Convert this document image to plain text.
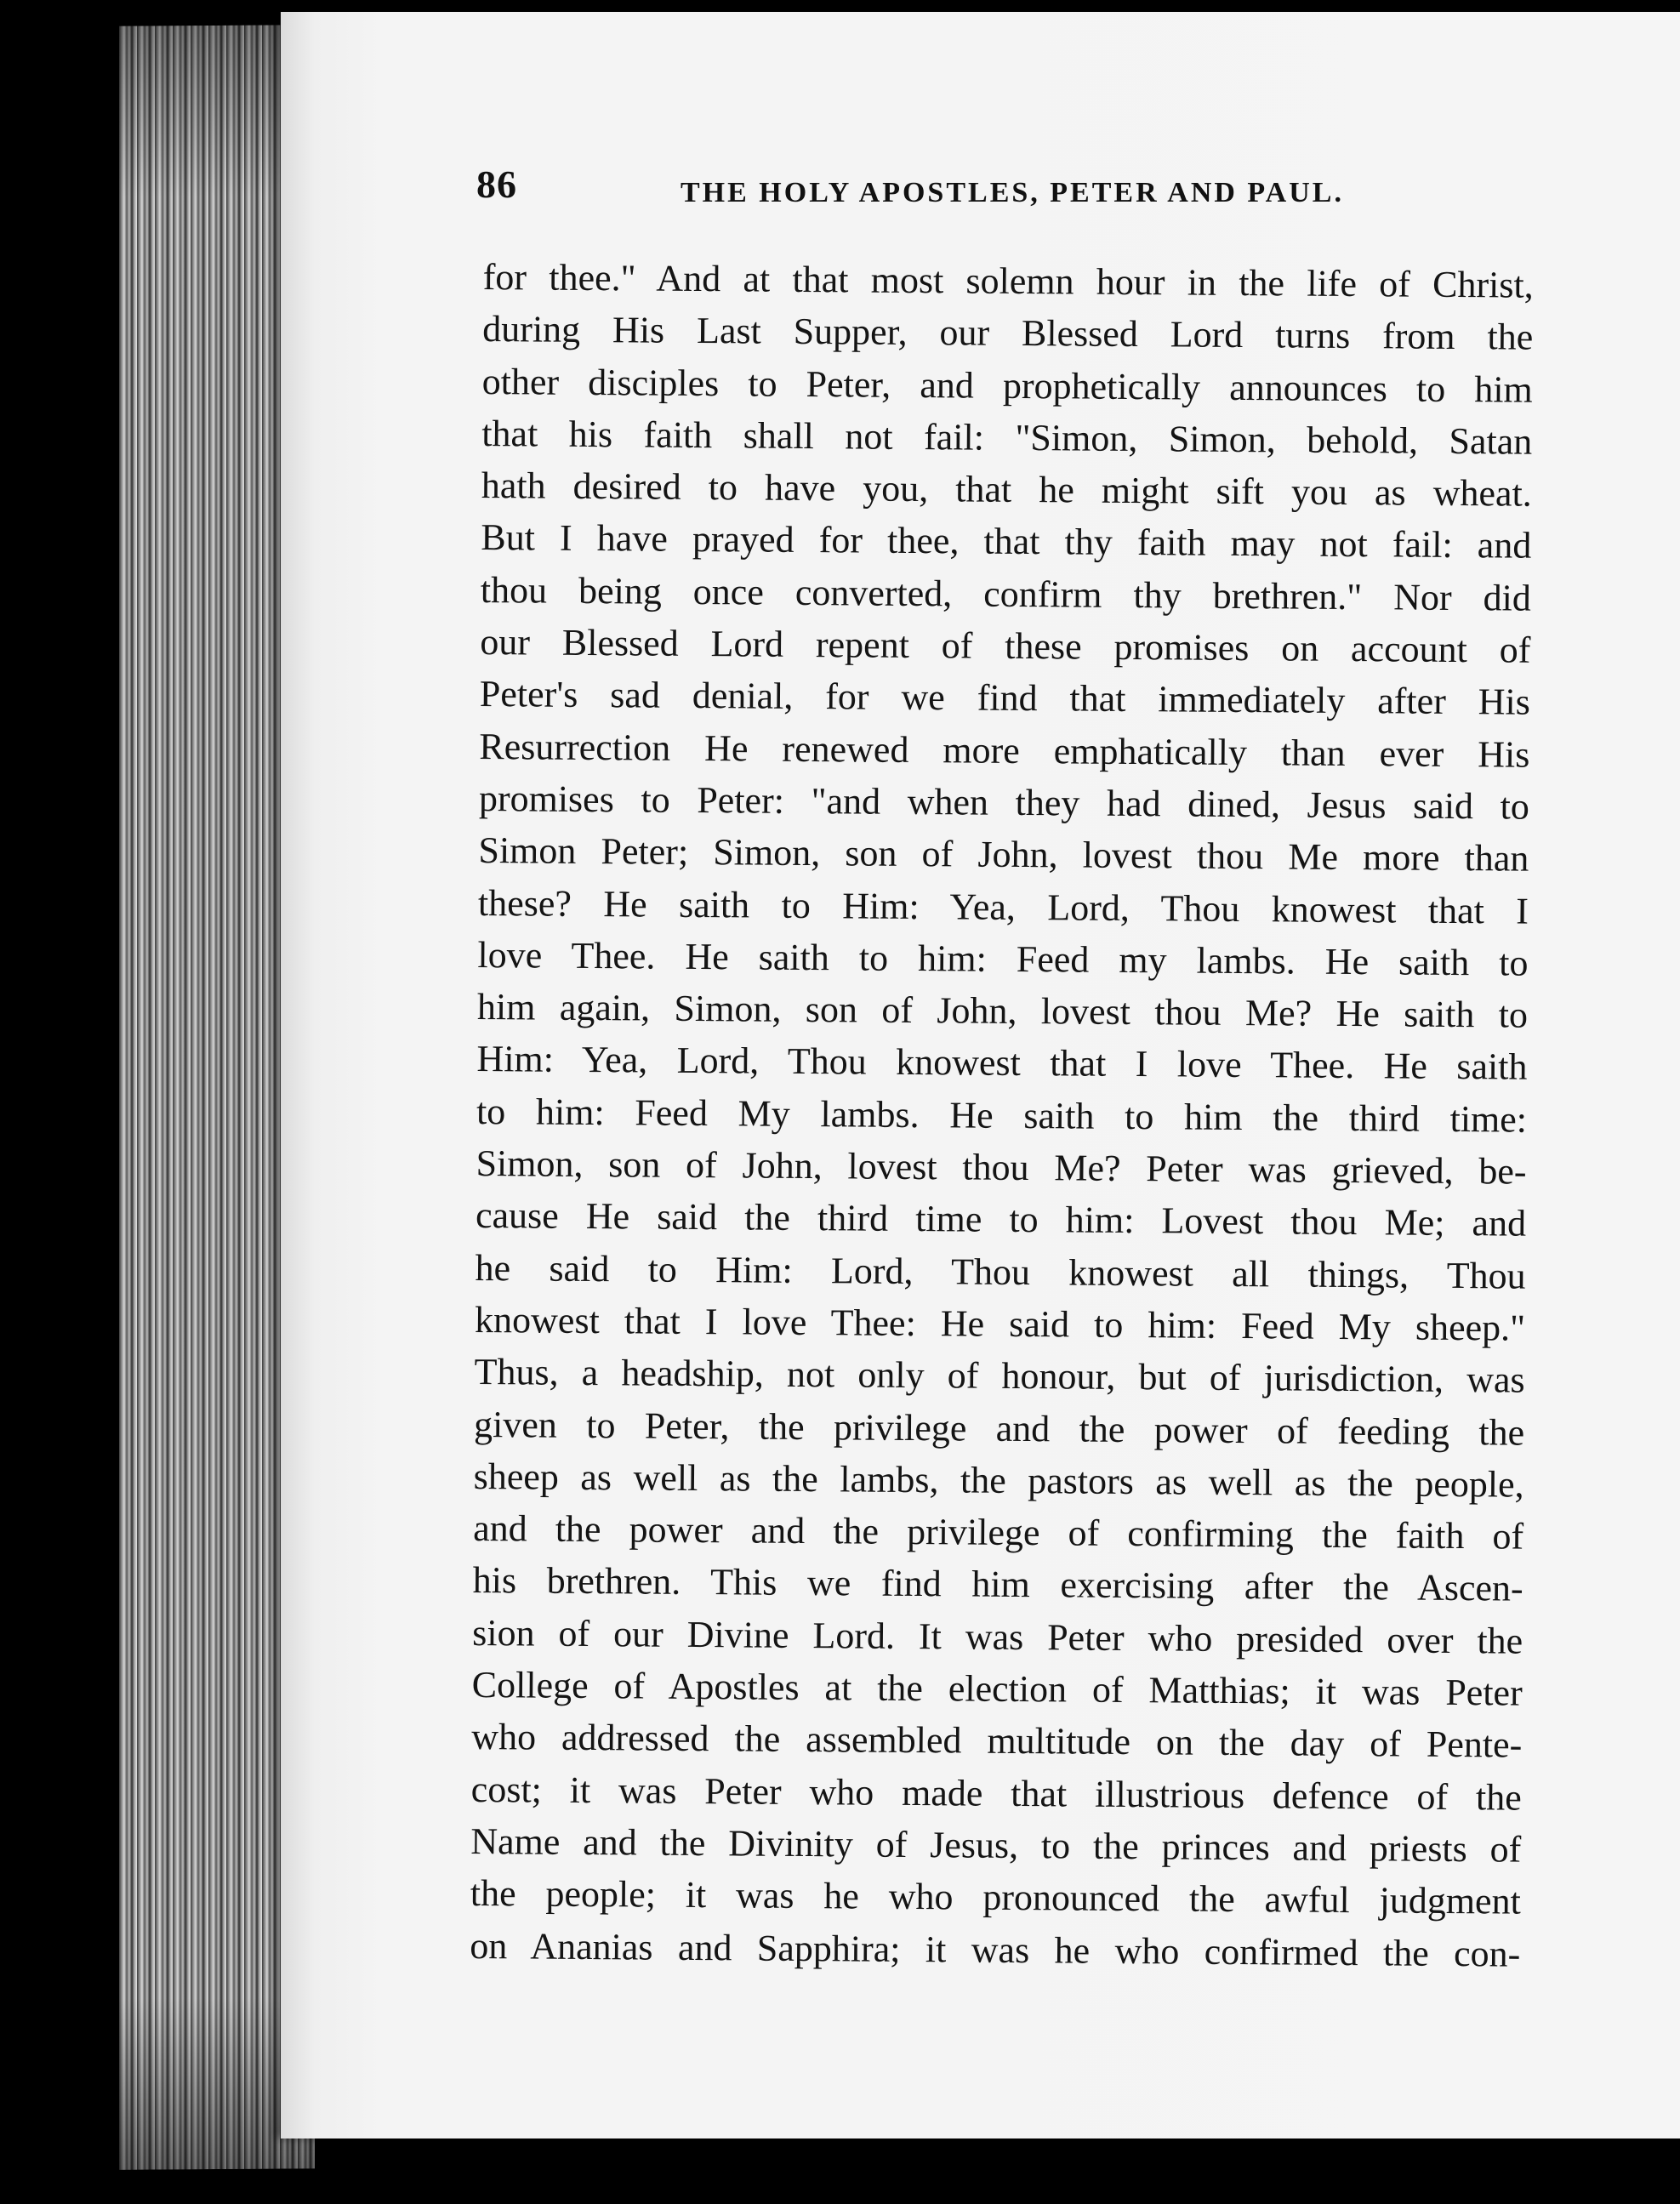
86	THE HOLY APOSTLES, PETER AND PAUL.
for thee." And at that most solemn hour in the life of Christ,
during His Last Supper, our Blessed Lord turns from the
other disciples to Peter, and prophetically announces to him
that his faith shall not fail: "Simon, Simon, behold, Satan
hath desired to have you, that he might sift you as wheat.
But I have prayed for thee, that thy faith may not fail: and
thou being once converted, confirm thy brethren." Nor did
our Blessed Lord repent of these promises on account of
Peter's sad denial, for we find that immediately after His
Resurrection He renewed more emphatically than ever His
promises to Peter: "and when they had dined, Jesus said to
Simon Peter; Simon, son of John, lovest thou Me more than
these? He saith to Him: Yea, Lord, Thou knowest that I
love Thee. He saith to him: Feed my lambs. He saith to
him again, Simon, son of John, lovest thou Me? He saith to
Him: Yea, Lord, Thou knowest that I love Thee. He saith
to him: Feed My lambs. He saith to him the third time:
Simon, son of John, lovest thou Me? Peter was grieved, be-
cause He said the third time to him: Lovest thou Me; and
he said to Him: Lord, Thou knowest all things, Thou
knowest that I love Thee: He said to him: Feed My sheep."
Thus, a headship, not only of honour, but of jurisdiction, was
given to Peter, the privilege and the power of feeding the
sheep as well as the lambs, the pastors as well as the people,
and the power and the privilege of confirming the faith of
his brethren. This we find him exercising after the Ascen-
sion of our Divine Lord. It was Peter who presided over the
College of Apostles at the election of Matthias; it was Peter
who addressed the assembled multitude on the day of Pente-
cost; it was Peter who made that illustrious defence of the
Name and the Divinity of Jesus, to the princes and priests of
the people; it was he who pronounced the awful judgment
on Ananias and Sapphira; it was he who confirmed the con-
